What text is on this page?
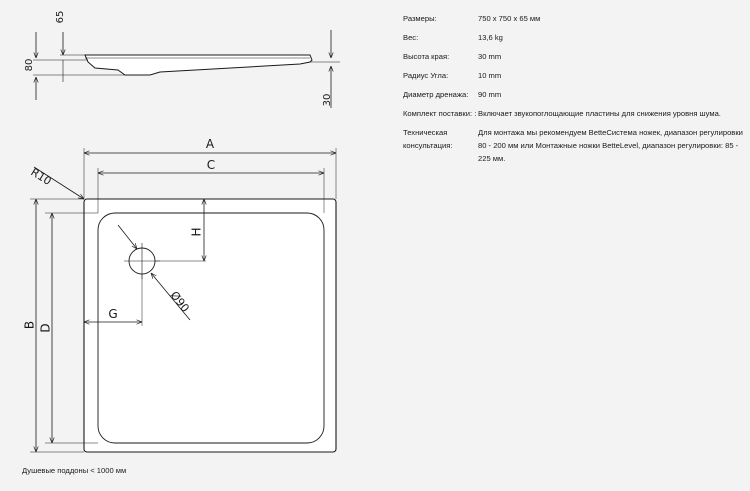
65
80
30
A
C
B D
H
G
R10
Ø90
Размеры:	750 x 750 x 65 мм
Вес:	13,6 kg
Высота края:	30 mm
Радиус Угла:	10 mm
Диаметр дренажа:	90 mm
Комплект поставки: : Включает звукопоглощающие пластины для снижения уровня шума.
Техническая консультация:
Для монтажа мы рекомендуем BetteСистема ножек, диапазон регулировки 80 - 200 мм или Монтажные ножки BetteLevel, диапазон регулировки: 85 - 225 мм.
Душевые поддоны < 1000 мм
